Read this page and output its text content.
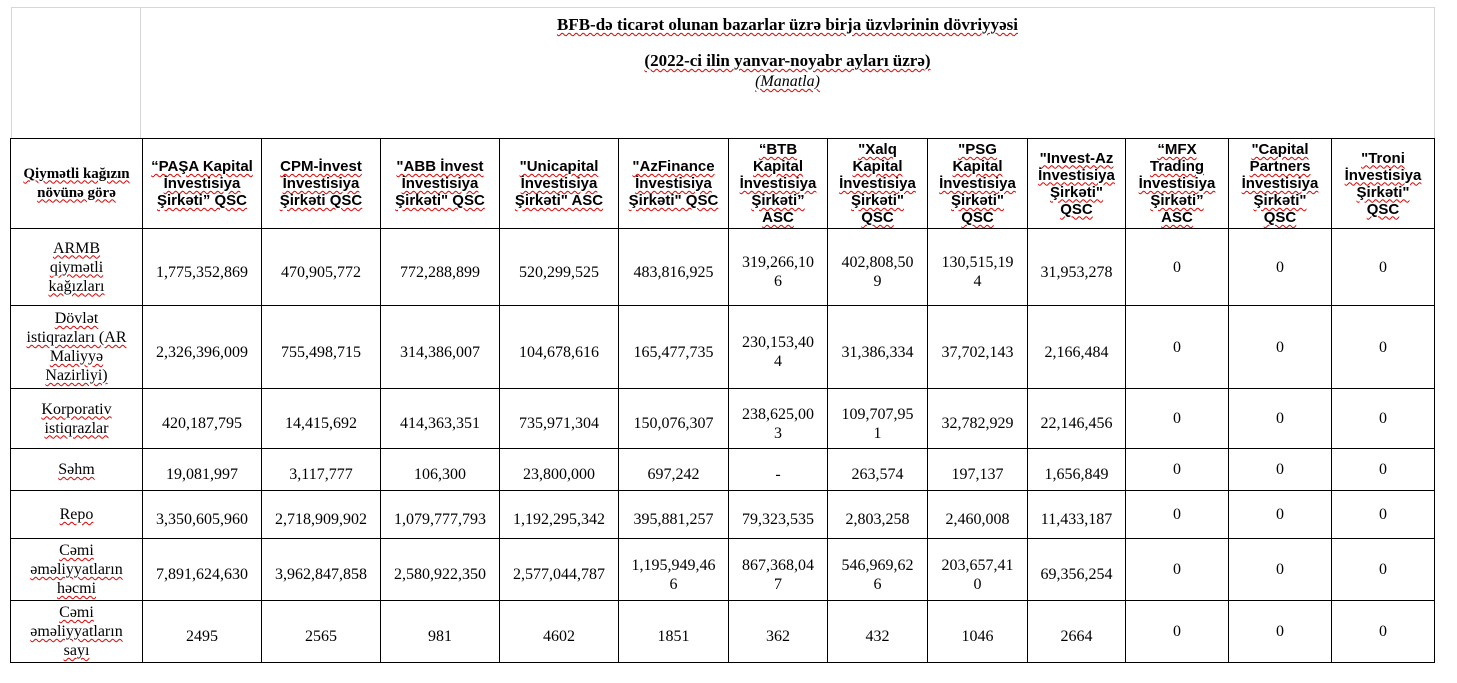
BFB-də ticarət olunan bazarlar üzrə birja üzvlərinin dövriyyəsi
(2022-ci ilin yanvar-noyabr ayları üzrə)
(Manatla)
Qiymətli kağızın növünə görə	“PAŞA Kapital İnvestisiya Şirkəti” QSC	CPM-İnvest İnvestisiya Şirkəti QSC	"ABB İnvest İnvestisiya Şirkəti" QSC	"Unicapital İnvestisiya Şirkəti" ASC	"AzFinance İnvestisiya Şirkəti" QSC	“BTB Kapital İnvestisiya Şirkəti” ASC	"Xalq Kapital İnvestisiya Şirkəti" QSC	"PSG Kapital İnvestisiya Şirkəti" QSC	"Invest-Az İnvestisiya Şirkəti" QSC	“MFX Trading İnvestisiya Şirkəti” ASC	"Capital Partners İnvestisiya Şirkəti" QSC	"Troni İnvestisiya Şirkəti" QSC
ARMB qiymətli kağızları	1,775,352,869	470,905,772	772,288,899	520,299,525	483,816,925	319,266,106	402,808,509	130,515,194	31,953,278	0	0	0
Dövlət istiqrazları (AR Maliyyə Nazirliyi)	2,326,396,009	755,498,715	314,386,007	104,678,616	165,477,735	230,153,404	31,386,334	37,702,143	2,166,484	0	0	0
Korporativ istiqrazlar	420,187,795	14,415,692	414,363,351	735,971,304	150,076,307	238,625,003	109,707,951	32,782,929	22,146,456	0	0	0
Səhm	19,081,997	3,117,777	106,300	23,800,000	697,242	-	263,574	197,137	1,656,849	0	0	0
Repo	3,350,605,960	2,718,909,902	1,079,777,793	1,192,295,342	395,881,257	79,323,535	2,803,258	2,460,008	11,433,187	0	0	0
Cəmi əməliyyatların həcmi	7,891,624,630	3,962,847,858	2,580,922,350	2,577,044,787	1,195,949,466	867,368,047	546,969,626	203,657,410	69,356,254	0	0	0
Cəmi əməliyyatların sayı	2495	2565	981	4602	1851	362	432	1046	2664	0	0	0
